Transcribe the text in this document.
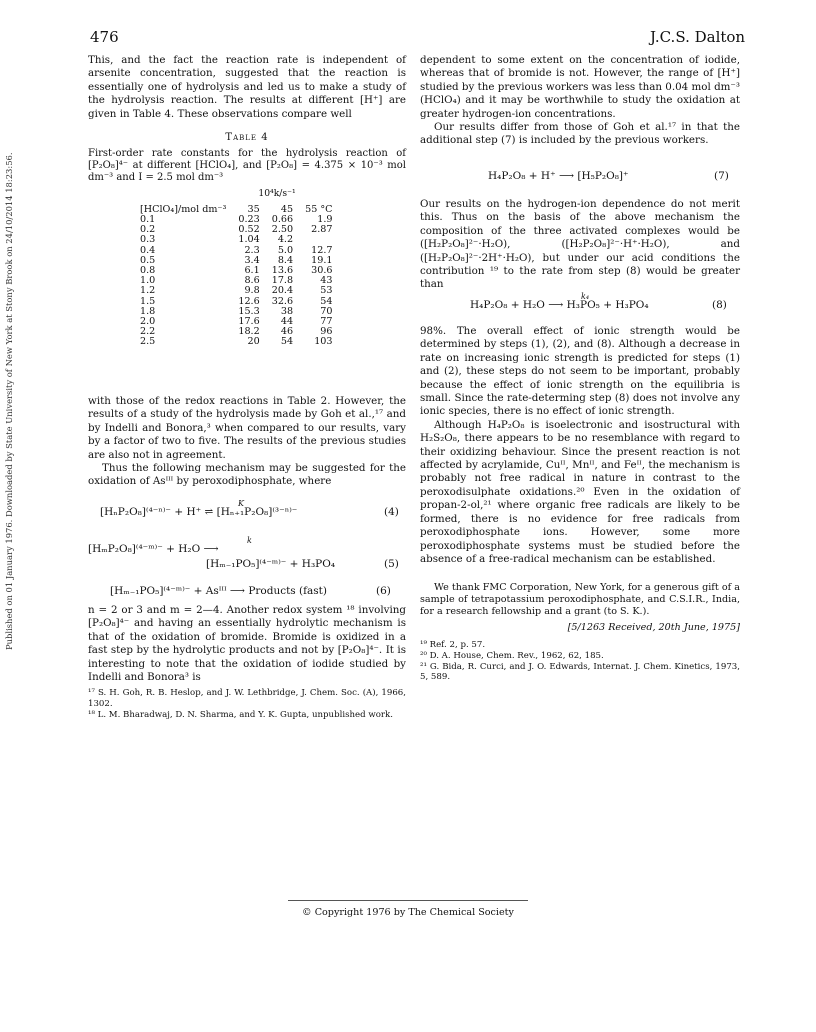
476	J.C.S. Dalton
Published on 01 January 1976. Downloaded by State University of New York at Stony Brook on 24/10/2014 18:23:56.

This, and the fact the reaction rate is independent of arsenite concentration, suggested that the reaction is essentially one of hydrolysis and led us to make a study of the hydrolysis reaction. The results at different [H⁺] are given in Table 4. These observations compare well

Table 4

First-order rate constants for the hydrolysis reaction of [P₂O₈]⁴⁻ at different [HClO₄], and [P₂O₈] = 4.375 × 10⁻³ mol dm⁻³ and I = 2.5 mol dm⁻³

10⁴k/s⁻¹
[HClO₄]/mol dm⁻³	35	45	55 °C
0.1	0.23	0.66	1.9
0.2	0.52	2.50	2.87
0.3	1.04	4.2	
0.4	2.3	5.0	12.7
0.5	3.4	8.4	19.1
0.8	6.1	13.6	30.6
1.0	8.6	17.8	43
1.2	9.8	20.4	53
1.5	12.6	32.6	54
1.8	15.3	38	70
2.0	17.6	44	77
2.2	18.2	46	96
2.5	20	54	103

with those of the redox reactions in Table 2. However, the results of a study of the hydrolysis made by Goh et al.,¹⁷ and by Indelli and Bonora,³ when compared to our results, vary by a factor of two to five. The results of the previous studies are also not in agreement.

Thus the following mechanism may be suggested for the oxidation of Asᴵᴵᴵ by peroxodiphosphate, where

K
[HₙP₂O₈]⁽⁴⁻ⁿ⁾⁻ + H⁺ ⇌ [Hₙ₊₁P₂O₈]⁽³⁻ⁿ⁾⁻	(4)
k
[HₘP₂O₈]⁽⁴⁻ᵐ⁾⁻ + H₂O ⟶
[Hₘ₋₁PO₅]⁽⁴⁻ᵐ⁾⁻ + H₃PO₄	(5)
[Hₘ₋₁PO₅]⁽⁴⁻ᵐ⁾⁻ + Asᴵᴵᴵ ⟶ Products (fast)	(6)

n = 2 or 3 and m = 2—4. Another redox system ¹⁸ involving [P₂O₈]⁴⁻ and having an essentially hydrolytic mechanism is that of the oxidation of bromide. Bromide is oxidized in a fast step by the hydrolytic products and not by [P₂O₈]⁴⁻. It is interesting to note that the oxidation of iodide studied by Indelli and Bonora³ is

¹⁷ S. H. Goh, R. B. Heslop, and J. W. Lethbridge, J. Chem. Soc. (A), 1966, 1302.

¹⁸ L. M. Bharadwaj, D. N. Sharma, and Y. K. Gupta, unpublished work.

dependent to some extent on the concentration of iodide, whereas that of bromide is not. However, the range of [H⁺] studied by the previous workers was less than 0.04 mol dm⁻³ (HClO₄) and it may be worthwhile to study the oxidation at greater hydrogen-ion concentrations.

Our results differ from those of Goh et al.¹⁷ in that the additional step (7) is included by the previous workers.

H₄P₂O₈ + H⁺ ⟶ [H₅P₂O₈]⁺	(7)

Our results on the hydrogen-ion dependence do not merit this. Thus on the basis of the above mechanism the composition of the three activated complexes would be ([H₂P₂O₈]²⁻·H₂O), ([H₂P₂O₈]²⁻·H⁺·H₂O), and ([H₂P₂O₈]²⁻·2H⁺·H₂O), but under our acid conditions the contribution ¹⁹ to the rate from step (8) would be greater than

k₄
H₄P₂O₈ + H₂O ⟶ H₃PO₅ + H₃PO₄	(8)

98%. The overall effect of ionic strength would be determined by steps (1), (2), and (8). Although a decrease in rate on increasing ionic strength is predicted for steps (1) and (2), these steps do not seem to be important, probably because the effect of ionic strength on the equilibria is small. Since the rate-determing step (8) does not involve any ionic species, there is no effect of ionic strength.

Although H₄P₂O₈ is isoelectronic and isostructural with H₂S₂O₈, there appears to be no resemblance with regard to their oxidizing behaviour. Since the present reaction is not affected by acrylamide, Cuᴵᴵ, Mnᴵᴵ, and Feᴵᴵ, the mechanism is probably not free radical in nature in contrast to the peroxodisulphate oxidations.²⁰ Even in the oxidation of propan-2-ol,²¹ where organic free radicals are likely to be formed, there is no evidence for free radicals from peroxodiphosphate ions. However, some more peroxodiphosphate systems must be studied before the absence of a free-radical mechanism can be established.

We thank FMC Corporation, New York, for a generous gift of a sample of tetrapotassium peroxodiphosphate, and C.S.I.R., India, for a research fellowship and a grant (to S. K.).

[5/1263 Received, 20th June, 1975]

¹⁹ Ref. 2, p. 57.

²⁰ D. A. House, Chem. Rev., 1962, 62, 185.

²¹ G. Bida, R. Curci, and J. O. Edwards, Internat. J. Chem. Kinetics, 1973, 5, 589.

© Copyright 1976 by The Chemical Society
